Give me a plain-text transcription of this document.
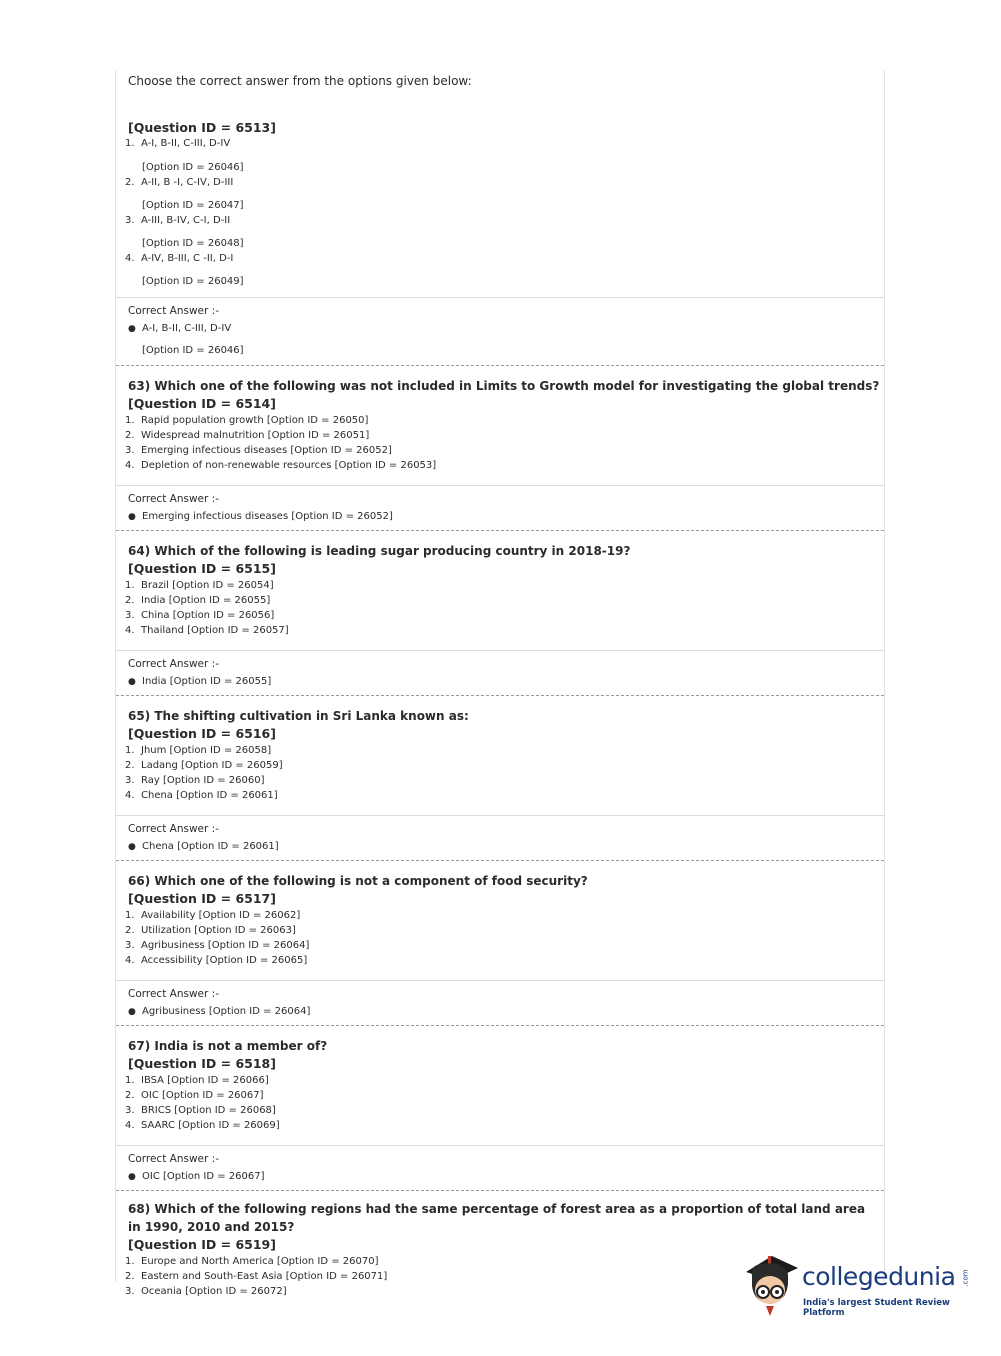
Choose the correct answer from the options given below:
[Question ID = 6513]
1. A-I, B-II, C-III, D-IV
[Option ID = 26046]
2. A-II, B -I, C-IV, D-III
[Option ID = 26047]
3. A-III, B-IV, C-I, D-II
[Option ID = 26048]
4. A-IV, B-III, C -II, D-I
[Option ID = 26049]
Correct Answer :-
● A-I, B-II, C-III, D-IV
[Option ID = 26046]
63) Which one of the following was not included in Limits to Growth model for investigating the global trends?
[Question ID = 6514]
1. Rapid population growth [Option ID = 26050]
2. Widespread malnutrition [Option ID = 26051]
3. Emerging infectious diseases [Option ID = 26052]
4. Depletion of non-renewable resources [Option ID = 26053]
Correct Answer :-
● Emerging infectious diseases [Option ID = 26052]
64) Which of the following is leading sugar producing country in 2018-19?
[Question ID = 6515]
1. Brazil [Option ID = 26054]
2. India [Option ID = 26055]
3. China [Option ID = 26056]
4. Thailand [Option ID = 26057]
Correct Answer :-
● India [Option ID = 26055]
65) The shifting cultivation in Sri Lanka known as:
[Question ID = 6516]
1. Jhum [Option ID = 26058]
2. Ladang [Option ID = 26059]
3. Ray [Option ID = 26060]
4. Chena [Option ID = 26061]
Correct Answer :-
● Chena [Option ID = 26061]
66) Which one of the following is not a component of food security?
[Question ID = 6517]
1. Availability [Option ID = 26062]
2. Utilization [Option ID = 26063]
3. Agribusiness [Option ID = 26064]
4. Accessibility [Option ID = 26065]
Correct Answer :-
● Agribusiness [Option ID = 26064]
67) India is not a member of?
[Question ID = 6518]
1. IBSA [Option ID = 26066]
2. OIC [Option ID = 26067]
3. BRICS [Option ID = 26068]
4. SAARC [Option ID = 26069]
Correct Answer :-
● OIC [Option ID = 26067]
68) Which of the following regions had the same percentage of forest area as a proportion of total land area in 1990, 2010 and 2015?
[Question ID = 6519]
1. Europe and North America [Option ID = 26070]
2. Eastern and South-East Asia [Option ID = 26071]
3. Oceania [Option ID = 26072]
collegedunia .com
India's largest Student Review Platform
